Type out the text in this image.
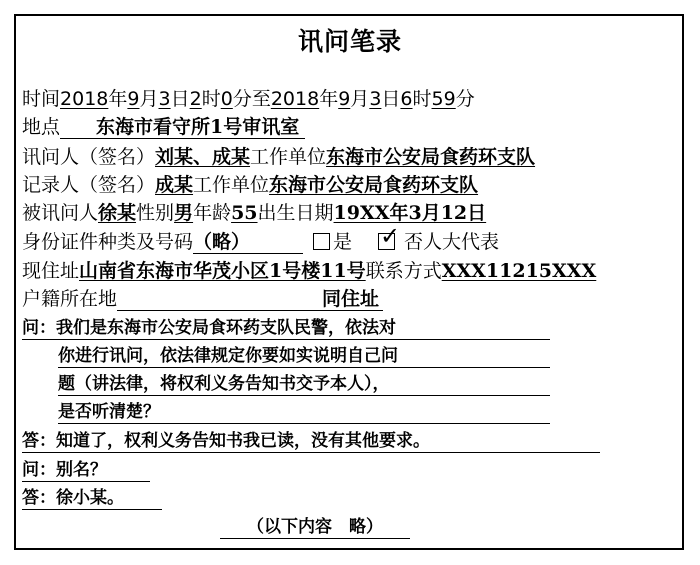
讯问笔录
时间2018年9月3日2时0分至2018年9月3日6时59分
地点 东海市看守所1号审讯室
讯问人（签名）刘某、成某工作单位东海市公安局食药环支队
记录人（签名）成某工作单位东海市公安局食药环支队
被讯问人徐某性别男年龄55出生日期19XX年3月12日
身份证件种类及号码（略）	是✓	否人大代表
现住址山南省东海市华茂小区1号楼11号联系方式XXX11215XXX
户籍所在地	同住址
问：我们是东海市公安局食环药支队民警，依法对
你进行讯问，依法律规定你要如实说明自己问
题（讲法律，将权利义务告知书交予本人），
是否听清楚？
答：知道了，权利义务告知书我已读，没有其他要求。
问：别名？
答：徐小某。
（以下内容　略）
